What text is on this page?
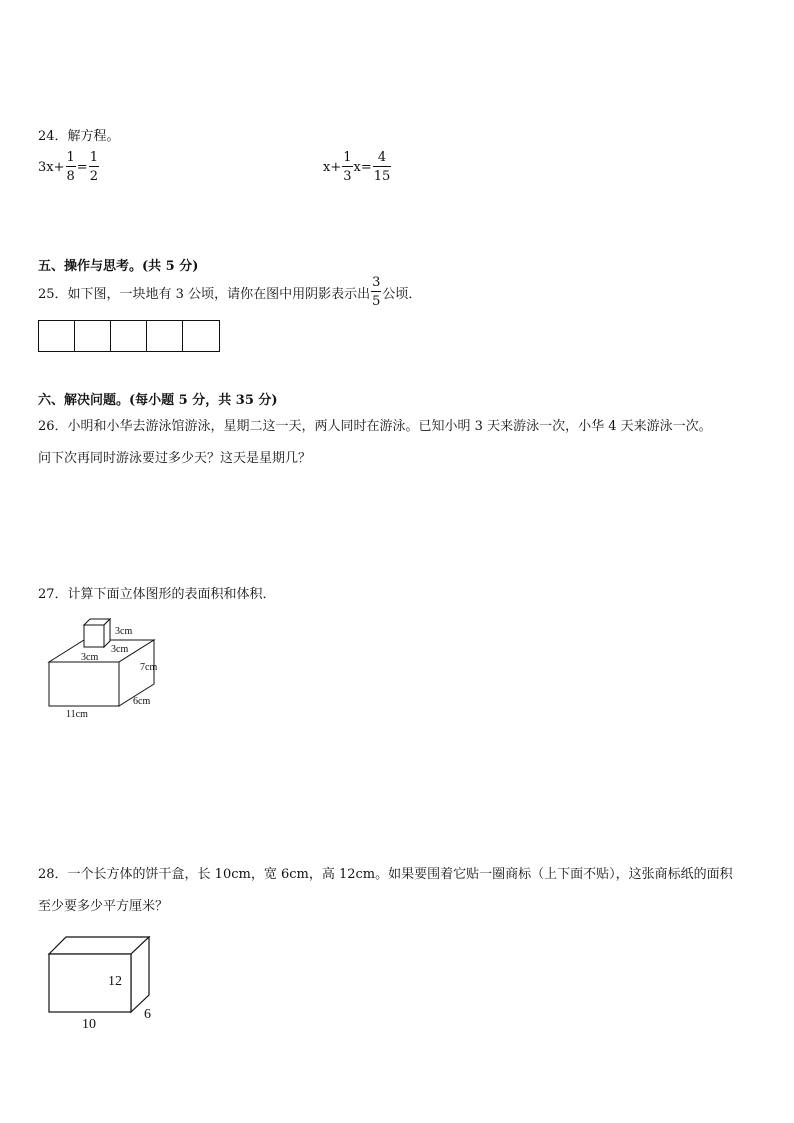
24．解方程。
$3x+ \frac{1}{8} = \frac{1}{2}$	$x+ \frac{1}{3} x= \frac{4}{15}$
五、操作与思考。(共 5 分)
25．如下图，一块地有 3 公顷，请你在图中用阴影表示出 $\frac{3}{5}$ 公顷．
六、解决问题。(每小题 5 分，共 35 分)
26．小明和小华去游泳馆游泳，星期二这一天，两人同时在游泳。已知小明 3 天来游泳一次，小华 4 天来游泳一次。
问下次再同时游泳要过多少天？这天是星期几？
27．计算下面立体图形的表面积和体积．
3cm
3cm
3cm
7cm
6cm
11cm
12
10
6
28．一个长方体的饼干盒，长 10cm，宽 6cm，高 12cm。如果要围着它贴一圈商标（上下面不贴），这张商标纸的面积
至少要多少平方厘米？
